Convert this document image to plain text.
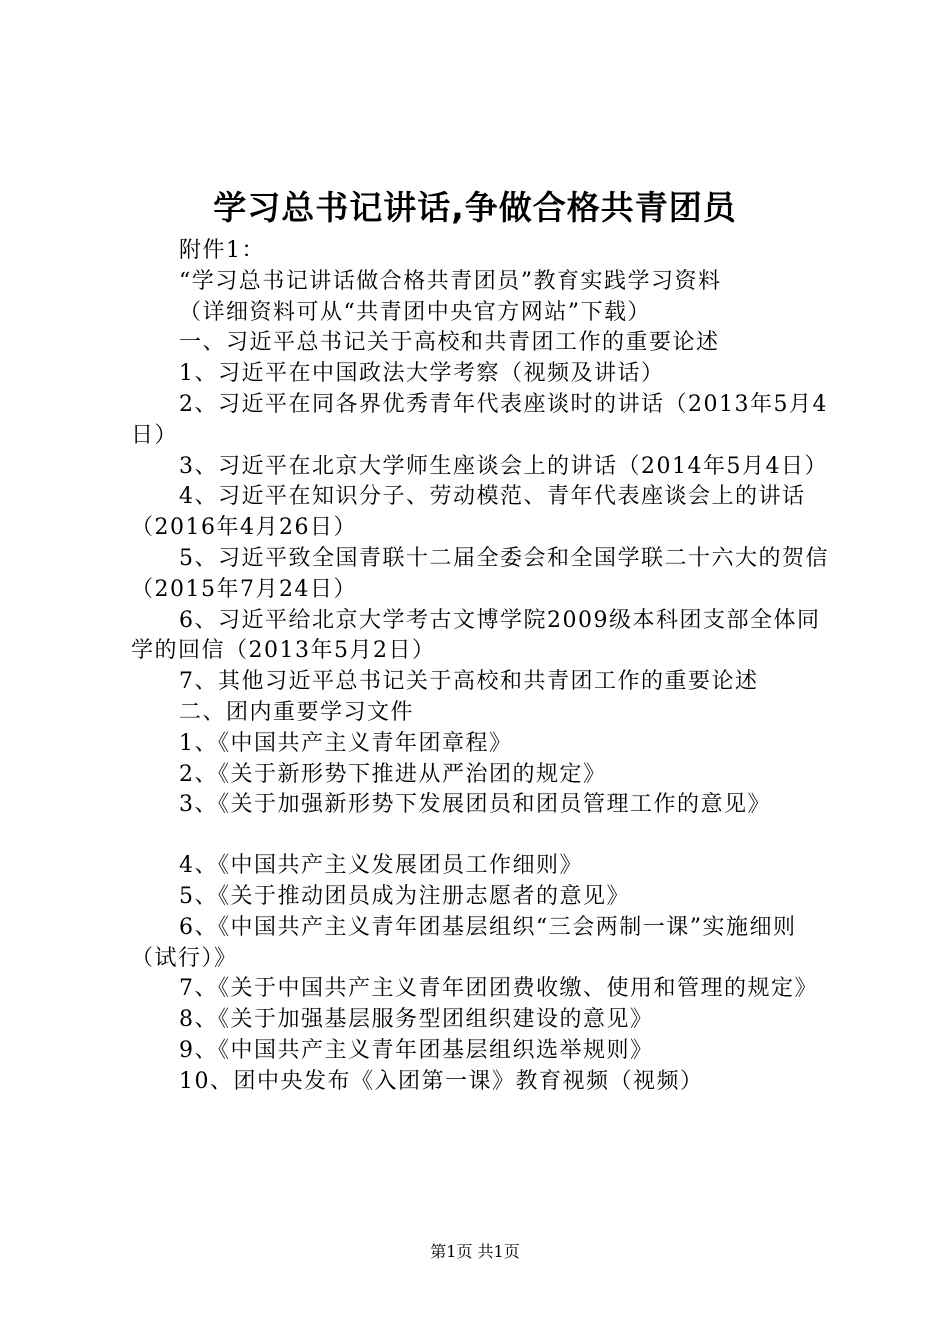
学习总书记讲话,争做合格共青团员

附件1：

“学习总书记讲话做合格共青团员”教育实践学习资料

（详细资料可从“共青团中央官方网站”下载）

一、习近平总书记关于高校和共青团工作的重要论述

1、习近平在中国政法大学考察（视频及讲话）

2、习近平在同各界优秀青年代表座谈时的讲话（2013年5月4日）

3、习近平在北京大学师生座谈会上的讲话（2014年5月4日）

4、习近平在知识分子、劳动模范、青年代表座谈会上的讲话（2016年4月26日）

5、习近平致全国青联十二届全委会和全国学联二十六大的贺信（2015年7月24日）

6、习近平给北京大学考古文博学院2009级本科团支部全体同学的回信（2013年5月2日）

7、其他习近平总书记关于高校和共青团工作的重要论述

二、团内重要学习文件

1、《中国共产主义青年团章程》

2、《关于新形势下推进从严治团的规定》

3、《关于加强新形势下发展团员和团员管理工作的意见》

4、《中国共产主义发展团员工作细则》

5、《关于推动团员成为注册志愿者的意见》

6、《中国共产主义青年团基层组织“三会两制一课”实施细则（试行）》

7、《关于中国共产主义青年团团费收缴、使用和管理的规定》

8、《关于加强基层服务型团组织建设的意见》

9、《中国共产主义青年团基层组织选举规则》

10、团中央发布《入团第一课》教育视频（视频）

第1页 共1页
